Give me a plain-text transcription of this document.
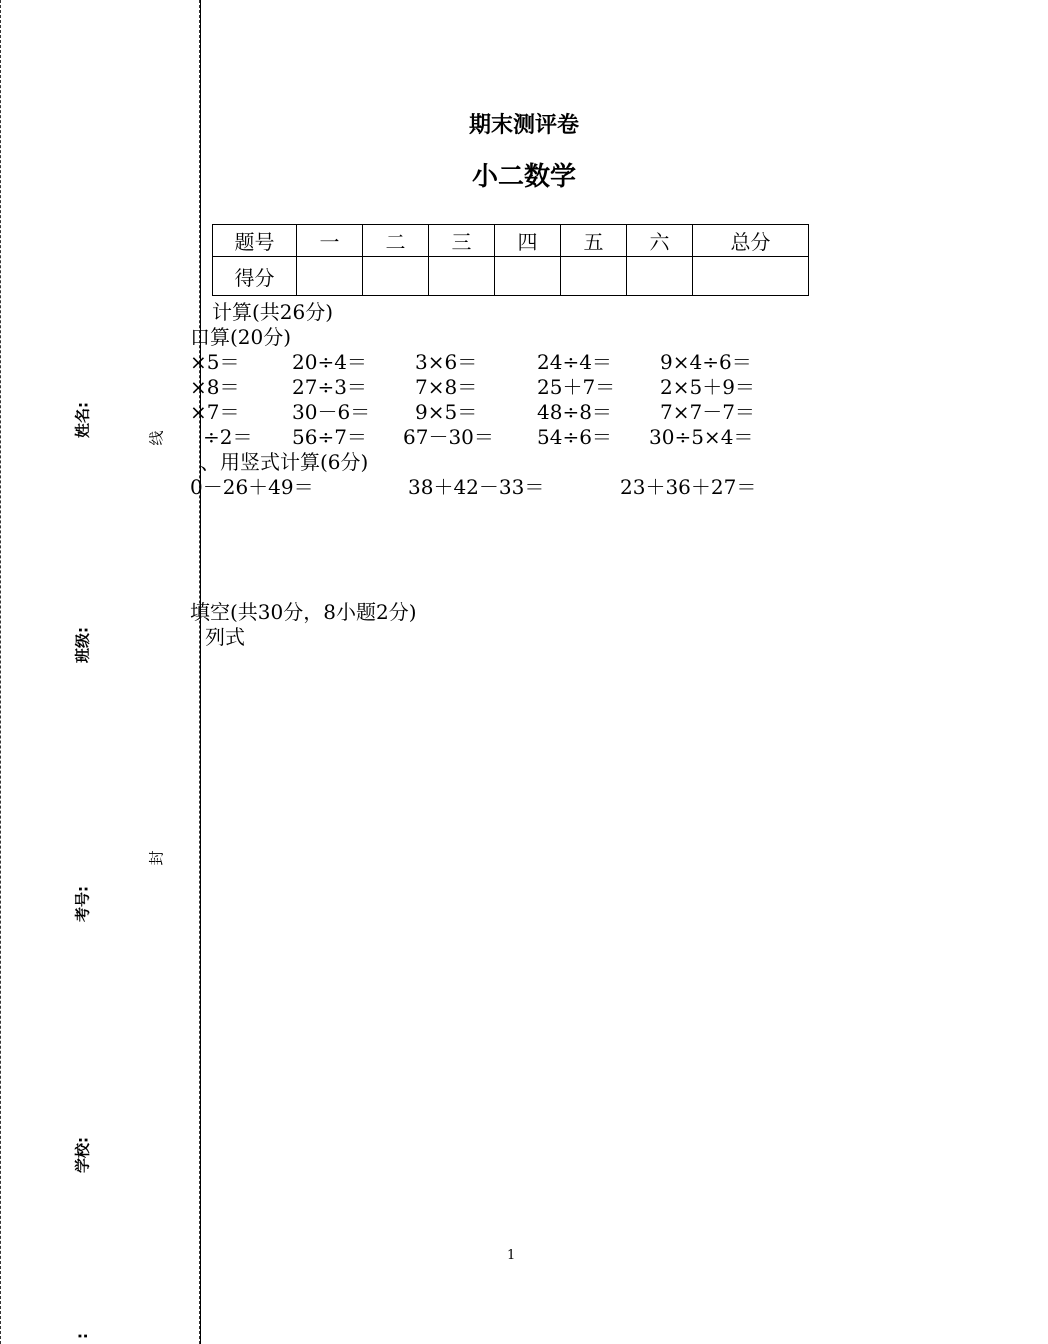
姓名:
班级:
考号:
学校:
:
线
封
期末测评卷
小二数学
题号	一	二	三	四	五	六	总分
得分							
计算(共26分)
口算(20分)
×5＝	20÷4＝ 3×6＝	24÷4＝ 9×4÷6＝
×8＝	27÷3＝ 7×8＝	25＋7＝ 2×5＋9＝
×7＝	30－6＝ 9×5＝	48÷8＝ 7×7－7＝
÷2＝ 56÷7＝ 67－30＝ 54÷6＝ 30÷5×4＝
、用竖式计算(6分)
0－26＋49＝	38＋42－33＝	23＋36＋27＝
填空(共30分，8小题2分)
列式
1
